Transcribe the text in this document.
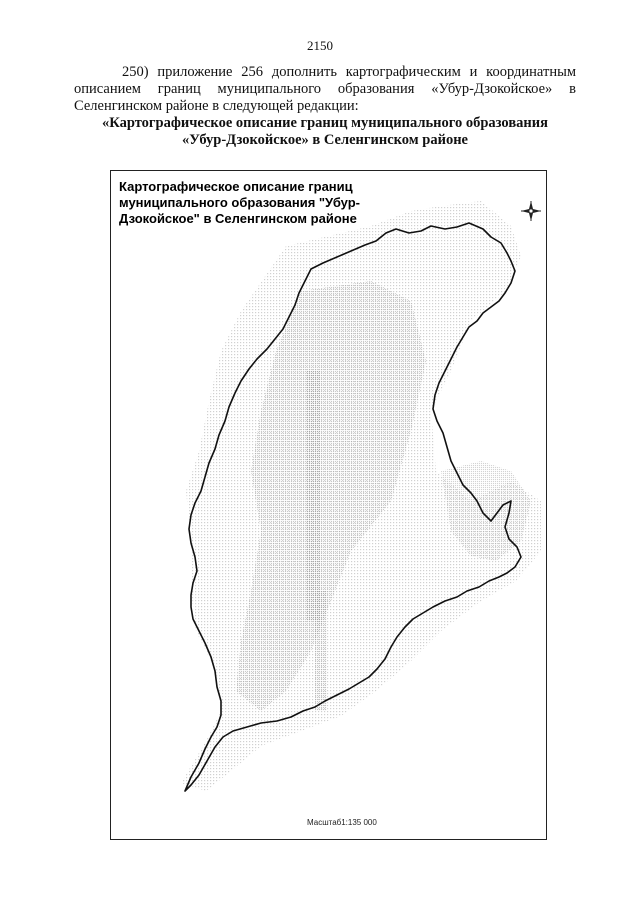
2150
250) приложение 256 дополнить картографическим и координатным описанием границ муниципального образования «Убур-Дзокойское» в Селенгинском районе в следующей редакции:
«Картографическое описание границ муниципального образования
«Убур-Дзокойское» в Селенгинском районе
Картографическое описание границ муниципального образования "Убур-Дзокойское" в Селенгинском районе
Масштаб1:135 000
